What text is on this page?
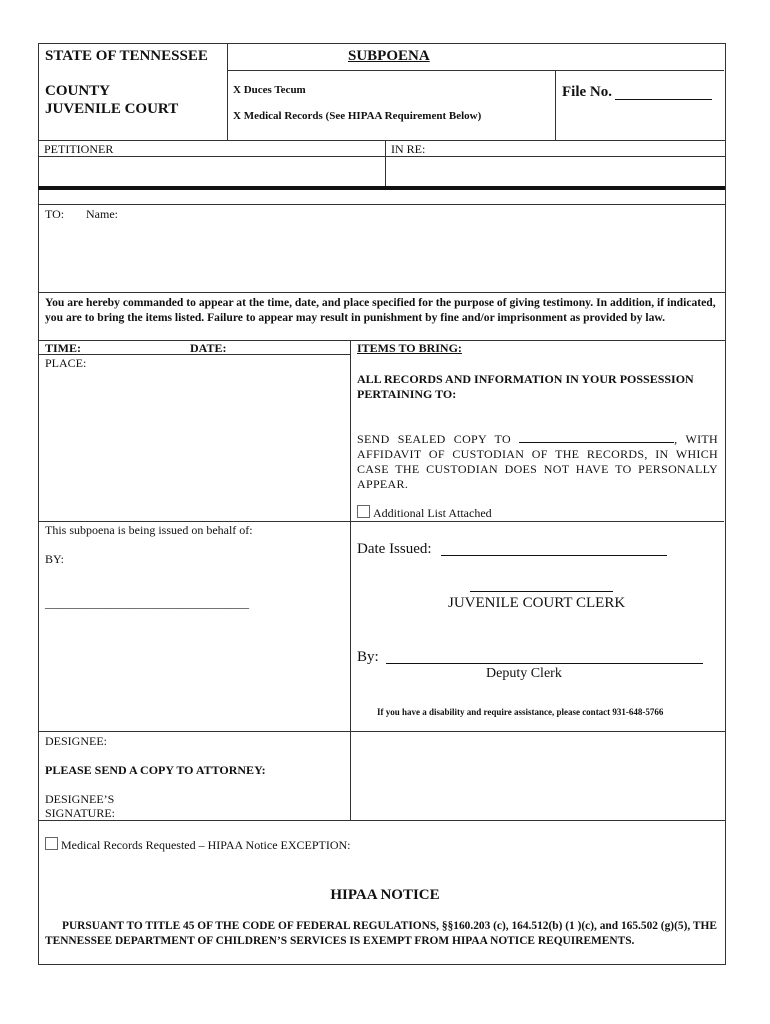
STATE OF TENNESSEE
COUNTY
JUVENILE COURT
SUBPOENA
X Duces Tecum
X Medical Records (See HIPAA Requirement Below)
File No.
PETITIONER	IN RE:
TO: Name:
You are hereby commanded to appear at the time, date, and place specified for the purpose of giving testimony. In addition, if indicated, you are to bring the items listed. Failure to appear may result in punishment by fine and/or imprisonment as provided by law.
TIME:	DATE:
PLACE:
This subpoena is being issued on behalf of:
BY:
__________________________________
DESIGNEE:
PLEASE SEND A COPY TO ATTORNEY:
DESIGNEE’S
SIGNATURE:
ITEMS TO BRING:
ALL RECORDS AND INFORMATION IN YOUR POSSESSION PERTAINING TO:
SEND SEALED COPY TO	, WITH AFFIDAVIT OF CUSTODIAN OF THE RECORDS, IN WHICH CASE THE CUSTODIAN DOES NOT HAVE TO PERSONALLY APPEAR.
Additional List Attached
Date Issued:
JUVENILE COURT CLERK
By:
Deputy Clerk
If you have a disability and require assistance, please contact 931-648-5766
Medical Records Requested – HIPAA Notice EXCEPTION:
HIPAA NOTICE
PURSUANT TO TITLE 45 OF THE CODE OF FEDERAL REGULATIONS, §§160.203 (c), 164.512(b) (1 )(c), and 165.502 (g)(5), THE TENNESSEE DEPARTMENT OF CHILDREN’S SERVICES IS EXEMPT FROM HIPAA NOTICE REQUIREMENTS.
